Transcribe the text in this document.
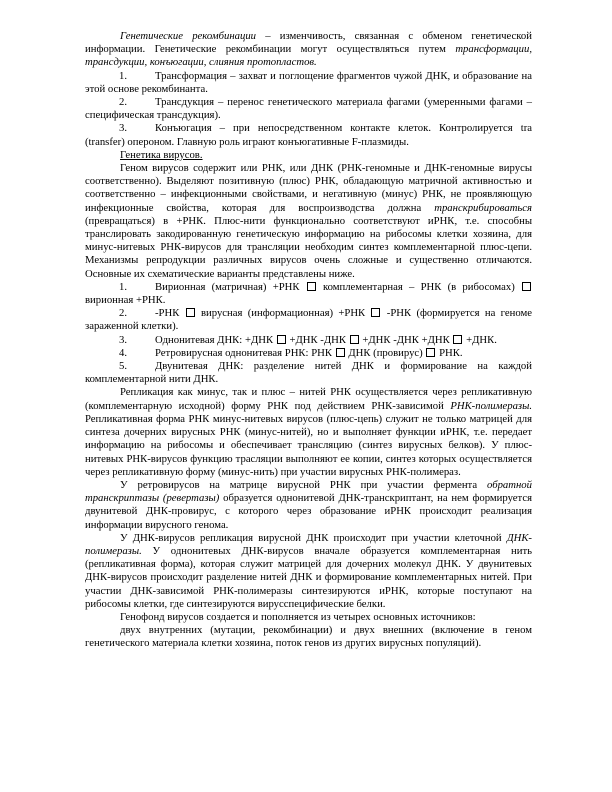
Генетические рекомбинации – изменчивость, связанная с обменом генетической информации. Генетические рекомбинации могут осуществляться путем трансформации, трансдукции, конъюгации, слияния протопластов.

1.	Трансформация – захват и поглощение фрагментов чужой ДНК, и образование на этой основе рекомбинанта.

2.	Трансдукция – перенос генетического материала фагами (умеренными фагами – специфическая трансдукция).

3.	Конъюгация – при непосредственном контакте клеток. Контролируется tra (transfer) опероном. Главную роль играют конъюгативные F-плазмиды.

Генетика вирусов.

Геном вирусов содержит или РНК, или ДНК (РНК-геномные и ДНК-геномные вирусы соответственно). Выделяют позитивную (плюс) РНК, обладающую матричной активностью и соответственно – инфекционными свойствами, и негативную (минус) РНК, не проявляющую инфекционные свойства, которая для воспроизводства должна транскрибироваться (превращаться) в +РНК. Плюс-нити функционально соответствуют иРНК, т.е. способны транслировать закодированную генетическую информацию на рибосомы клетки хозяина, для минус-нитевых РНК-вирусов для трансляции необходим синтез комплементарной плюс-цепи. Механизмы репродукции различных вирусов очень сложные и существенно отличаются. Основные их схематические варианты представлены ниже.

1.	Вирионная (матричная) +РНК  комплементарная – РНК (в рибосомах)  вирионная +РНК.

2.	-РНК  вирусная (информационная) +РНК  -РНК (формируется на геноме зараженной клетки).

3.	Однонитевая ДНК: +ДНК  +ДНК -ДНК  +ДНК -ДНК +ДНК  +ДНК.

4.	Ретровирусная однонитевая РНК: РНК  ДНК (провирус)  РНК.

5.	Двунитевая ДНК: разделение нитей ДНК и формирование на каждой комплементарной нити ДНК.

Репликация как минус, так и плюс – нитей РНК осуществляется через репликативную (комплементарную исходной) форму РНК под действием РНК-зависимой РНК-полимеразы. Репликативная форма РНК минус-нитевых вирусов (плюс-цепь) служит не только матрицей для синтеза дочерних вирусных РНК (минус-нитей), но и выполняет функции иРНК, т.е. передает информацию на рибосомы и обеспечивает трансляцию (синтез вирусных белков). У плюс-нитевых РНК-вирусов функцию трасляции выполняют ее копии, синтез которых осуществляется через репликативную форму (минус-нить) при участии вирусных РНК-полимераз.

У ретровирусов на матрице вирусной РНК при участии фермента обратной транскриптазы (ревертазы) образуется однонитевой ДНК-транскриптант, на нем формируется двунитевой ДНК-провирус, с которого через образование иРНК происходит реализация информации вирусного генома.

У ДНК-вирусов репликация вирусной ДНК происходит при участии клеточной ДНК-полимеразы. У однонитевых ДНК-вирусов вначале образуется комплементарная нить (репликативная форма), которая служит матрицей для дочерних молекул ДНК. У двунитевых ДНК-вирусов происходит разделение нитей ДНК и формирование комплементарных нитей. При участии ДНК-зависимой РНК-полимеразы синтезируются иРНК, которые поступают на рибосомы клетки, где синтезируются вирусспецифические белки.

Генофонд вирусов создается и пополняется из четырех основных источников:

двух внутренних (мутации, рекомбинации) и двух внешних (включение в геном генетического материала клетки хозяина, поток генов из других вирусных популяций).
